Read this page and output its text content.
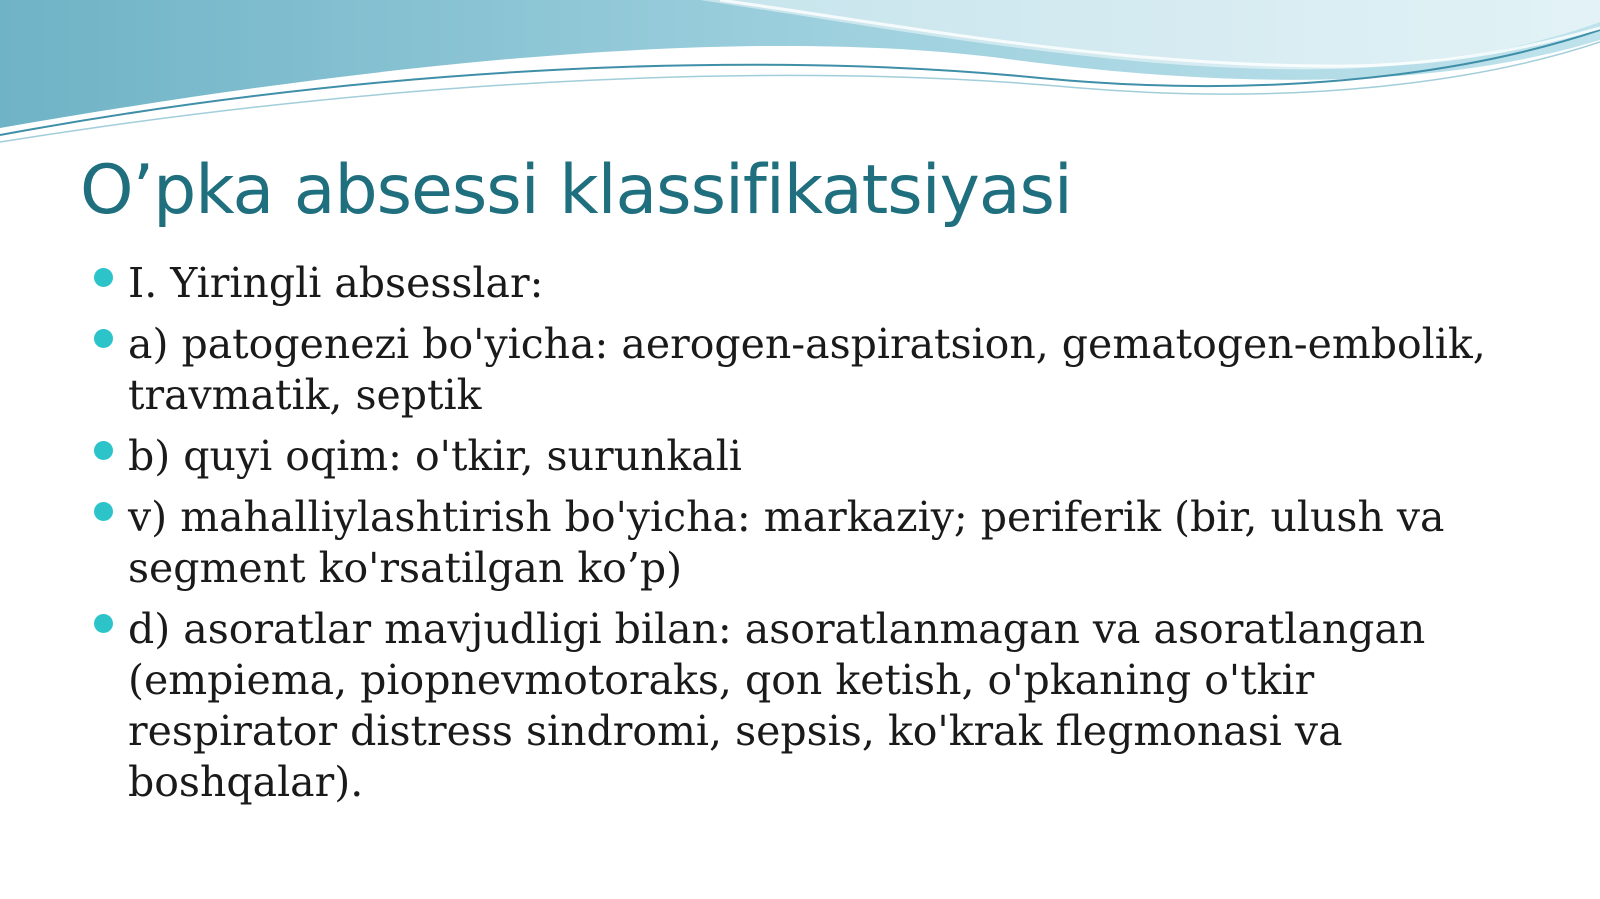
O’pka absessi klassifikatsiyasi
I. Yiringli absesslar:
a) patogenezi bo'yicha: aerogen-aspiratsion, gematogen-embolik, travmatik, septik
b) quyi oqim: o'tkir, surunkali
v) mahalliylashtirish bo'yicha: markaziy; periferik (bir, ulush va segment ko'rsatilgan ko’p)
d) asoratlar mavjudligi bilan: asoratlanmagan va asoratlangan (empiema, piopnevmotoraks, qon ketish, o'pkaning o'tkir respirator distress sindromi, sepsis, ko'krak flegmonasi va boshqalar).
